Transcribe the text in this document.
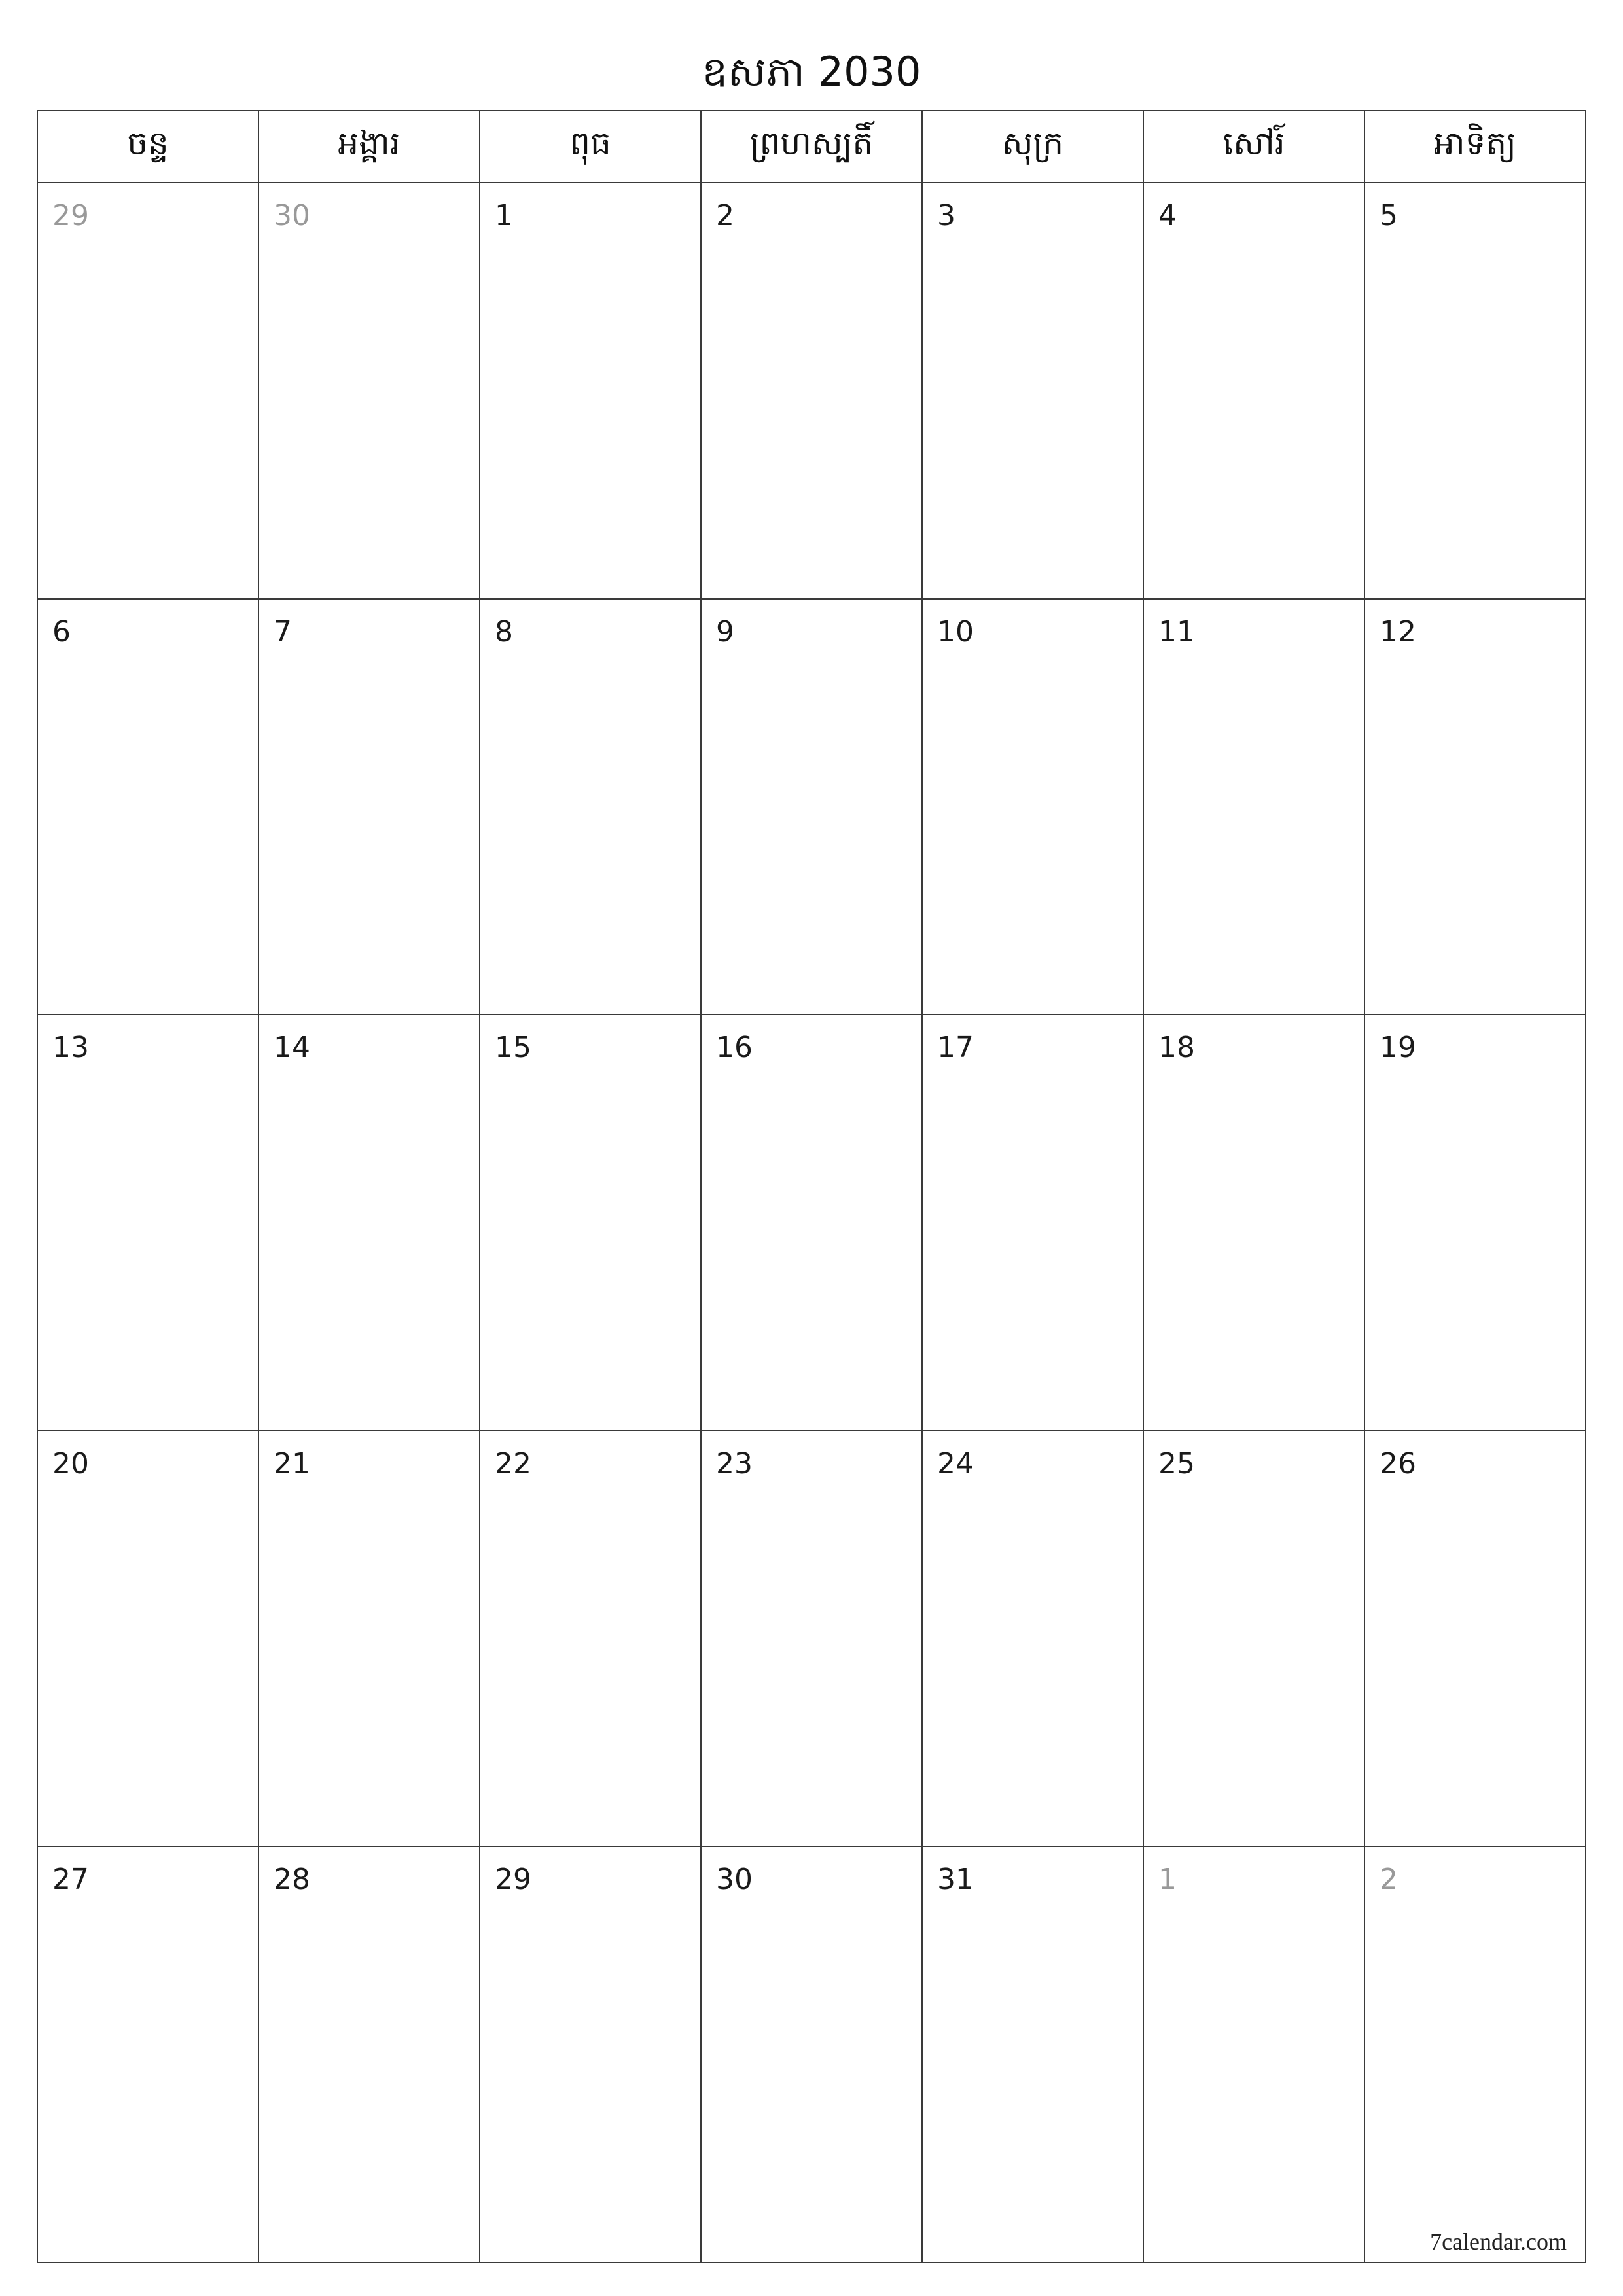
ឧសភា 2030
ចន្ទ	អង្គារ	ពុធ	ព្រហស្បតិ៍	សុក្រ	សៅរ៍	អាទិត្យ

29	30	1	2	3	4	5

6	7	8	9	10	11	12

13	14	15	16	17	18	19

20	21	22	23	24	25	26

27	28	29	30	31	1	2
7calendar.com
